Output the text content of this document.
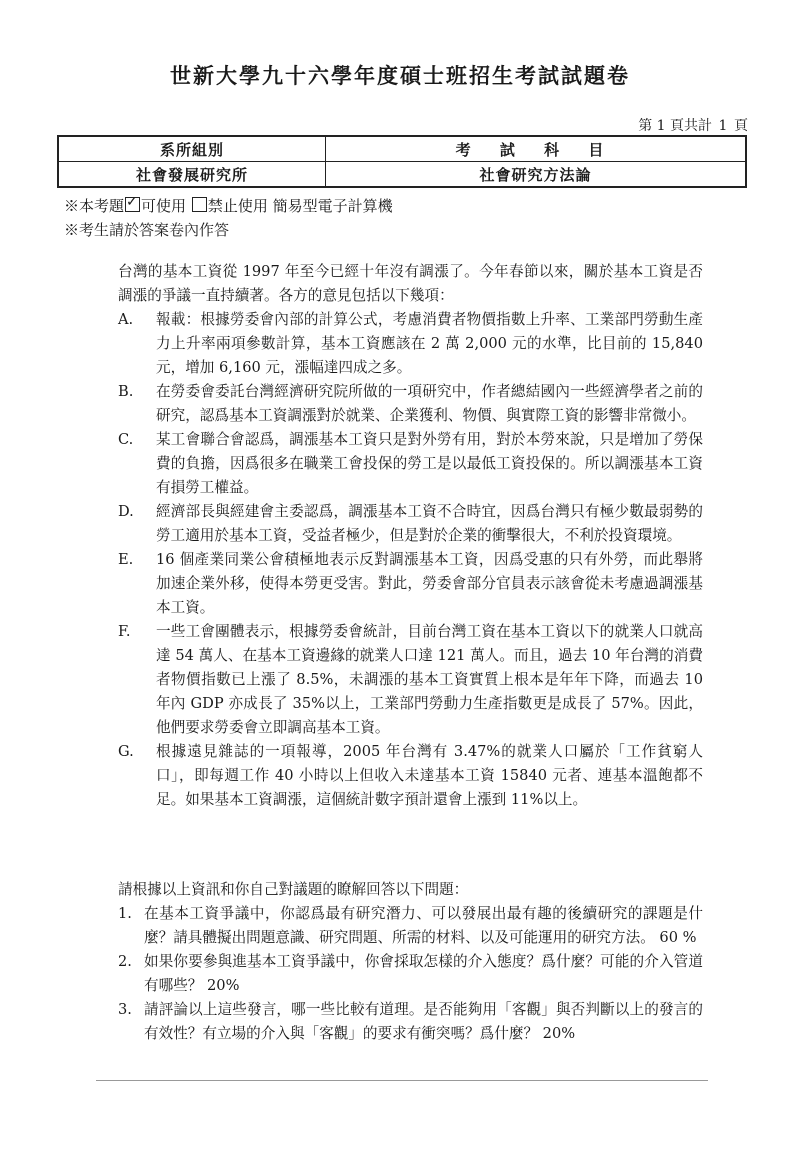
世新大學九十六學年度碩士班招生考試試題卷
第 1 頁共計 1 頁
系所組別	考 試 科 目
社會發展研究所	社會研究方法論
※本考題 ✓ 可使用 禁止使用 簡易型電子計算機
※考生請於答案卷內作答

台灣的基本工資從 1997 年至今已經十年沒有調漲了。今年春節以來，關於基本工資是否調漲的爭議一直持續著。各方的意見包括以下幾項：

A.	報載：根據勞委會內部的計算公式，考慮消費者物價指數上升率、工業部門勞動生產力上升率兩項參數計算，基本工資應該在 2 萬 2,000 元的水準，比目前的 15,840 元，增加 6,160 元，漲幅達四成之多。
B.	在勞委會委託台灣經濟研究院所做的一項研究中，作者總結國內一些經濟學者之前的研究，認爲基本工資調漲對於就業、企業獲利、物價、與實際工資的影響非常微小。
C.	某工會聯合會認爲，調漲基本工資只是對外勞有用，對於本勞來說，只是增加了勞保費的負擔，因爲很多在職業工會投保的勞工是以最低工資投保的。所以調漲基本工資有損勞工權益。
D.	經濟部長與經建會主委認爲，調漲基本工資不合時宜，因爲台灣只有極少數最弱勢的勞工適用於基本工資，受益者極少，但是對於企業的衝擊很大，不利於投資環境。
E.	16 個產業同業公會積極地表示反對調漲基本工資，因爲受惠的只有外勞，而此舉將加速企業外移，使得本勞更受害。對此，勞委會部分官員表示該會從未考慮過調漲基本工資。
F.	一些工會團體表示，根據勞委會統計，目前台灣工資在基本工資以下的就業人口就高達 54 萬人、在基本工資邊緣的就業人口達 121 萬人。而且，過去 10 年台灣的消費者物價指數已上漲了 8.5%，未調漲的基本工資實質上根本是年年下降，而過去 10 年內 GDP 亦成長了 35%以上，工業部門勞動力生產指數更是成長了 57%。因此，他們要求勞委會立即調高基本工資。
G.	根據遠見雜誌的一項報導，2005 年台灣有 3.47%的就業人口屬於「工作貧窮人口」，即每週工作 40 小時以上但收入未達基本工資 15840 元者、連基本溫飽都不足。如果基本工資調漲，這個統計數字預計還會上漲到 11%以上。
請根據以上資訊和你自己對議題的瞭解回答以下問題：
1. 在基本工資爭議中，你認爲最有研究潛力、可以發展出最有趣的後續研究的課題是什麼？請具體擬出問題意識、研究問題、所需的材料、以及可能運用的研究方法。 60 %
2. 如果你要參與進基本工資爭議中，你會採取怎樣的介入態度？爲什麼？可能的介入管道有哪些？ 20%
3. 請評論以上這些發言，哪一些比較有道理。是否能夠用「客觀」與否判斷以上的發言的有效性？有立場的介入與「客觀」的要求有衝突嗎？爲什麼？ 20%
